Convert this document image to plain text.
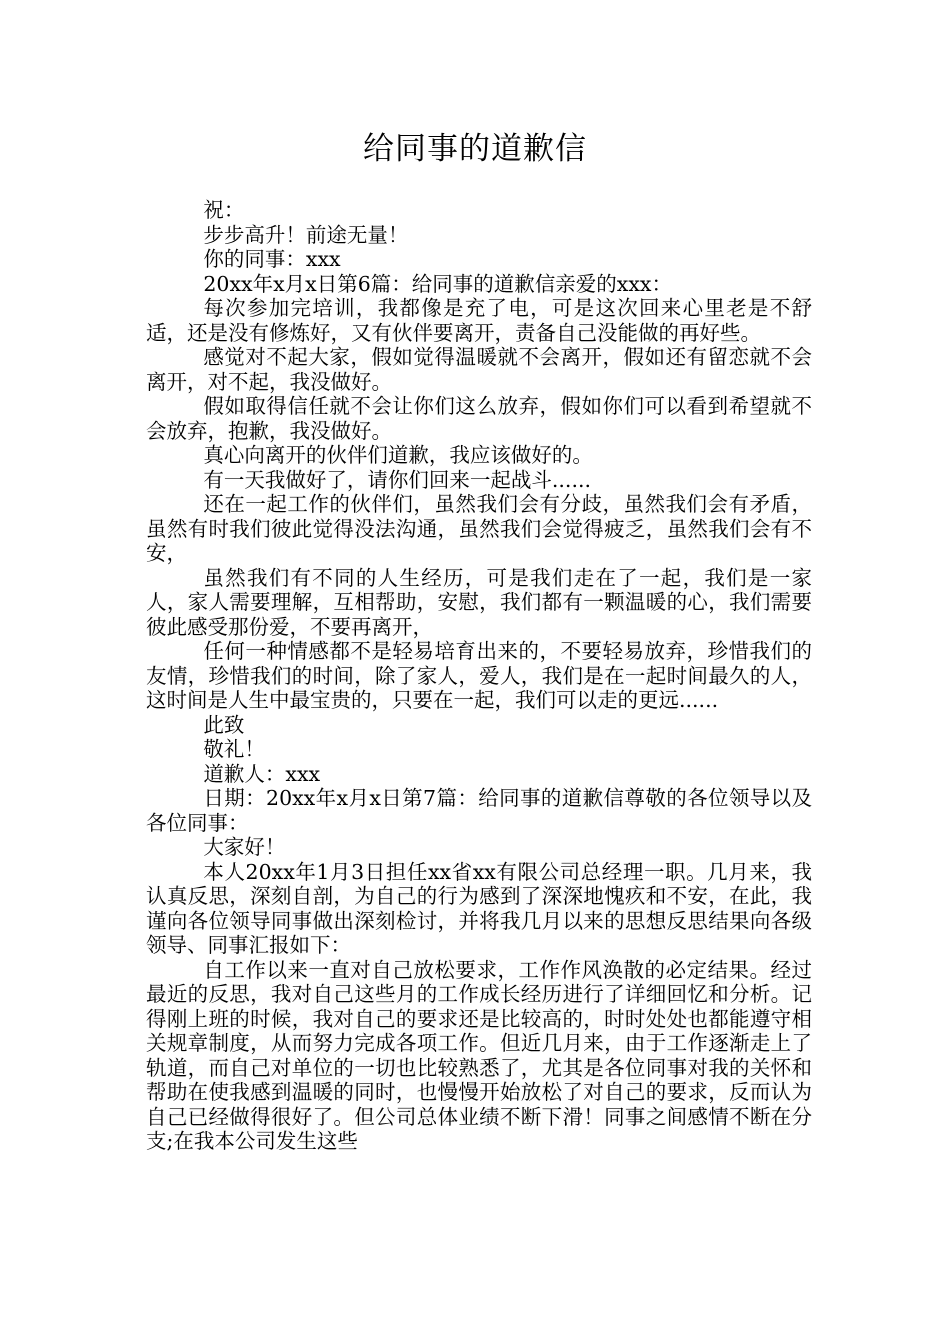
给同事的道歉信

祝：

步步高升！前途无量！

你的同事：xxx

20xx年x月x日第6篇：给同事的道歉信亲爱的xxx：

每次参加完培训，我都像是充了电，可是这次回来心里老是不舒适，还是没有修炼好，又有伙伴要离开，责备自己没能做的再好些。

感觉对不起大家，假如觉得温暖就不会离开，假如还有留恋就不会离开，对不起，我没做好。

假如取得信任就不会让你们这么放弃，假如你们可以看到希望就不会放弃，抱歉，我没做好。

真心向离开的伙伴们道歉，我应该做好的。

有一天我做好了，请你们回来一起战斗......

还在一起工作的伙伴们，虽然我们会有分歧，虽然我们会有矛盾，虽然有时我们彼此觉得没法沟通，虽然我们会觉得疲乏，虽然我们会有不安，

虽然我们有不同的人生经历，可是我们走在了一起，我们是一家人，家人需要理解，互相帮助，安慰，我们都有一颗温暖的心，我们需要彼此感受那份爱，不要再离开，

任何一种情感都不是轻易培育出来的，不要轻易放弃，珍惜我们的友情，珍惜我们的时间，除了家人，爱人，我们是在一起时间最久的人，这时间是人生中最宝贵的，只要在一起，我们可以走的更远......

此致

敬礼！

道歉人：xxx

日期：20xx年x月x日第7篇：给同事的道歉信尊敬的各位领导以及各位同事：

大家好！

本人20xx年1月3日担任xx省xx有限公司总经理一职。几月来，我认真反思，深刻自剖，为自己的行为感到了深深地愧疚和不安，在此，我谨向各位领导同事做出深刻检讨，并将我几月以来的思想反思结果向各级领导、同事汇报如下：

自工作以来一直对自己放松要求，工作作风涣散的必定结果。经过最近的反思，我对自己这些月的工作成长经历进行了详细回忆和分析。记得刚上班的时候，我对自己的要求还是比较高的，时时处处也都能遵守相关规章制度，从而努力完成各项工作。但近几月来，由于工作逐渐走上了轨道，而自己对单位的一切也比较熟悉了，尤其是各位同事对我的关怀和帮助在使我感到温暖的同时，也慢慢开始放松了对自己的要求，反而认为自己已经做得很好了。但公司总体业绩不断下滑！同事之间感情不断在分支;在我本公司发生这些
